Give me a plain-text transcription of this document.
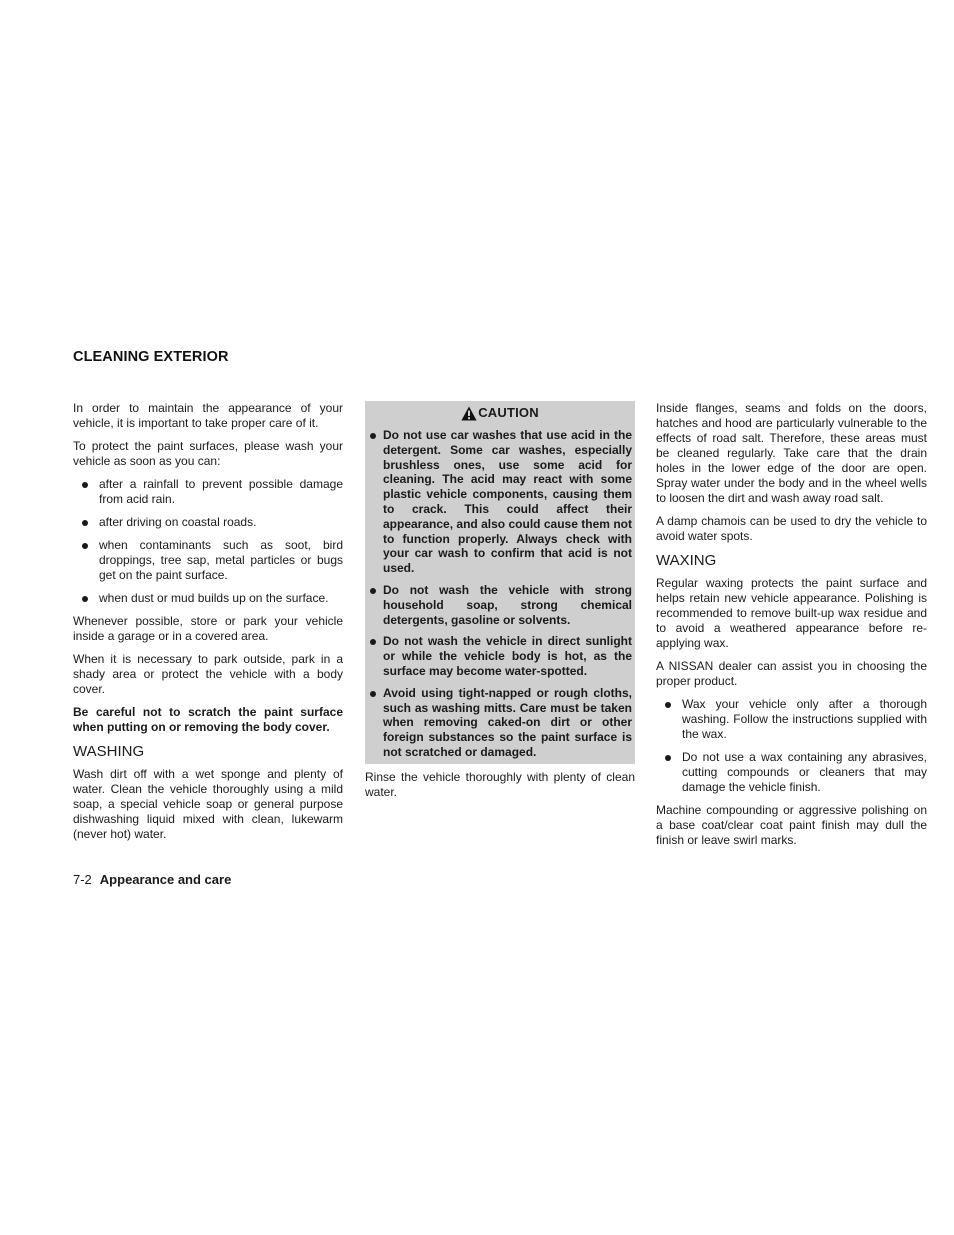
CLEANING EXTERIOR

In order to maintain the appearance of your vehicle, it is important to take proper care of it.

To protect the paint surfaces, please wash your vehicle as soon as you can:

after a rainfall to prevent possible damage from acid rain.
after driving on coastal roads.
when contaminants such as soot, bird droppings, tree sap, metal particles or bugs get on the paint surface.
when dust or mud builds up on the surface.

Whenever possible, store or park your vehicle inside a garage or in a covered area.

When it is necessary to park outside, park in a shady area or protect the vehicle with a body cover.

Be careful not to scratch the paint surface when putting on or removing the body cover.

WASHING

Wash dirt off with a wet sponge and plenty of water. Clean the vehicle thoroughly using a mild soap, a special vehicle soap or general purpose dishwashing liquid mixed with clean, lukewarm (never hot) water.

CAUTION
Do not use car washes that use acid in the detergent. Some car washes, especially brushless ones, use some acid for cleaning. The acid may react with some plastic vehicle components, causing them to crack. This could affect their appearance, and also could cause them not to function properly. Always check with your car wash to confirm that acid is not used.
Do not wash the vehicle with strong household soap, strong chemical detergents, gasoline or solvents.
Do not wash the vehicle in direct sunlight or while the vehicle body is hot, as the surface may become water-spotted.
Avoid using tight-napped or rough cloths, such as washing mitts. Care must be taken when removing caked-on dirt or other foreign substances so the paint surface is not scratched or damaged.

Rinse the vehicle thoroughly with plenty of clean water.

Inside flanges, seams and folds on the doors, hatches and hood are particularly vulnerable to the effects of road salt. Therefore, these areas must be cleaned regularly. Take care that the drain holes in the lower edge of the door are open. Spray water under the body and in the wheel wells to loosen the dirt and wash away road salt.

A damp chamois can be used to dry the vehicle to avoid water spots.

WAXING

Regular waxing protects the paint surface and helps retain new vehicle appearance. Polishing is recommended to remove built-up wax residue and to avoid a weathered appearance before re-applying wax.

A NISSAN dealer can assist you in choosing the proper product.

Wax your vehicle only after a thorough washing. Follow the instructions supplied with the wax.
Do not use a wax containing any abrasives, cutting compounds or cleaners that may damage the vehicle finish.

Machine compounding or aggressive polishing on a base coat/clear coat paint finish may dull the finish or leave swirl marks.

7-2 Appearance and care
